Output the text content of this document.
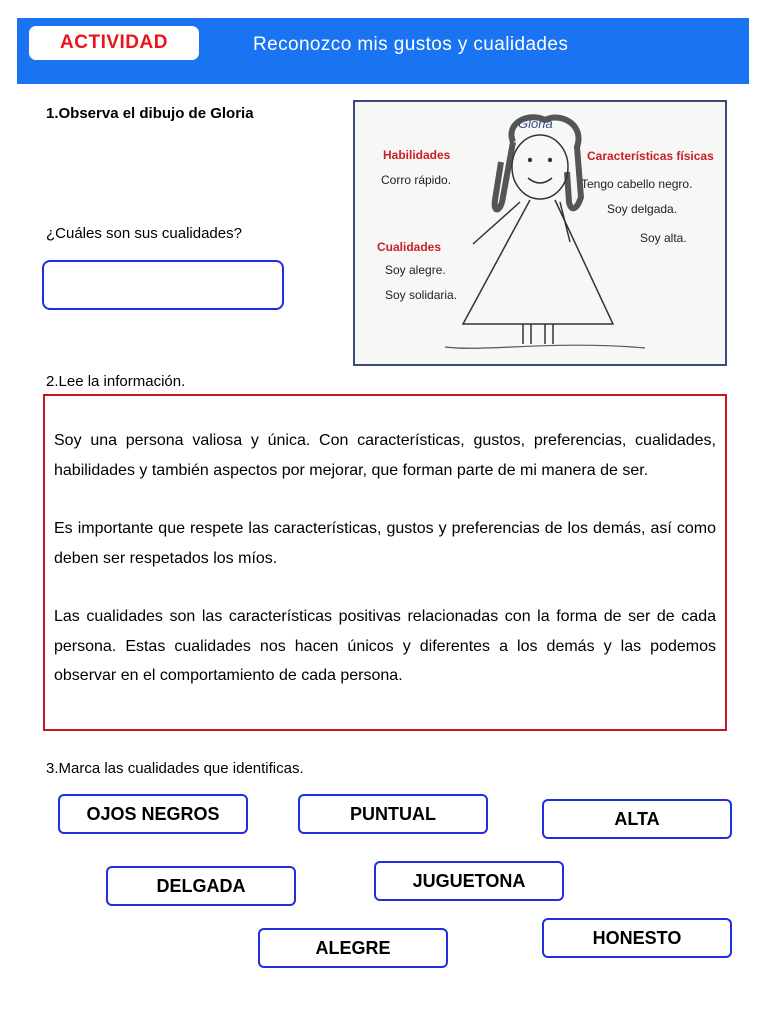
ACTIVIDAD	Reconozco mis gustos y cualidades
1.Observa el dibujo de Gloria
¿Cuáles son sus cualidades?
Gloria
Habilidades
Corro rápido.
Características físicas
Tengo cabello negro.
Soy delgada.
Soy alta.
Cualidades
Soy alegre.
Soy solidaria.
2.Lee la información.

Soy una persona valiosa y única. Con características, gustos, preferencias, cualidades, habilidades y también aspectos por mejorar, que forman parte de mi manera de ser.

Es importante que respete las características, gustos y preferencias de los demás, así como deben ser respetados los míos.

Las cualidades son las características positivas relacionadas con la forma de ser de cada persona. Estas cualidades nos hacen únicos y diferentes a los demás y las podemos observar en el comportamiento de cada persona.

3.Marca las cualidades que identificas.
OJOS NEGROS	PUNTUAL	ALTA
DELGADA	JUGUETONA
ALEGRE	HONESTO
